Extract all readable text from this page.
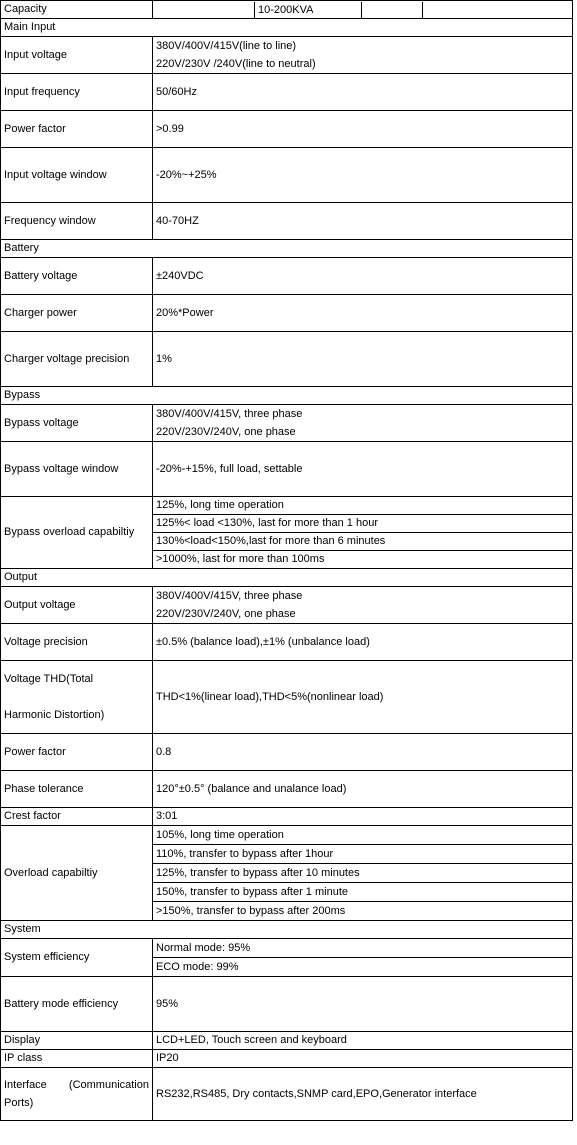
Capacity	10-200KVA

Main Input	
Input voltage	380V/400V/415V(line to line)
220V/230V /240V(line to neutral)

Input frequency	50/60Hz
Power factor	>0.99
Input voltage window	-20%~+25%
Frequency window	40-70HZ
Battery	
Battery voltage	±240VDC
Charger power	20%*Power
Charger voltage precision	1%
Bypass	
Bypass voltage	380V/400V/415V, three phase
220V/230V/240V, one phase

Bypass voltage window	-20%-+15%, full load, settable
Bypass overload capabiltiy	125%, long time operation
	125%< load <130%, last for more than 1 hour
	130%<load<150%,last for more than 6 minutes
	>1000%, last for more than 100ms
Output	
Output voltage	380V/400V/415V, three phase
220V/230V/240V, one phase

Voltage precision	±0.5% (balance load),±1% (unbalance load)

Voltage THD(Total
Harmonic Distortion)	THD<1%(linear load),THD<5%(nonlinear load)
Power factor	0.8
Phase tolerance	120°±0.5° (balance and unalance load)
Crest factor	3:01
Overload capabiltiy	105%, long time operation
	110%, transfer to bypass after 1hour
	125%, transfer to bypass after 10 minutes
	150%, transfer to bypass after 1 minute
	>150%, transfer to bypass after 200ms
System	
System efficiency	Normal mode: 95%
	ECO mode: 99%
Battery mode efficiency	95%
Display	LCD+LED, Touch screen and keyboard
IP class	IP20
Interface (Communication Ports)	RS232,RS485, Dry contacts,SNMP card,EPO,Generator interface
